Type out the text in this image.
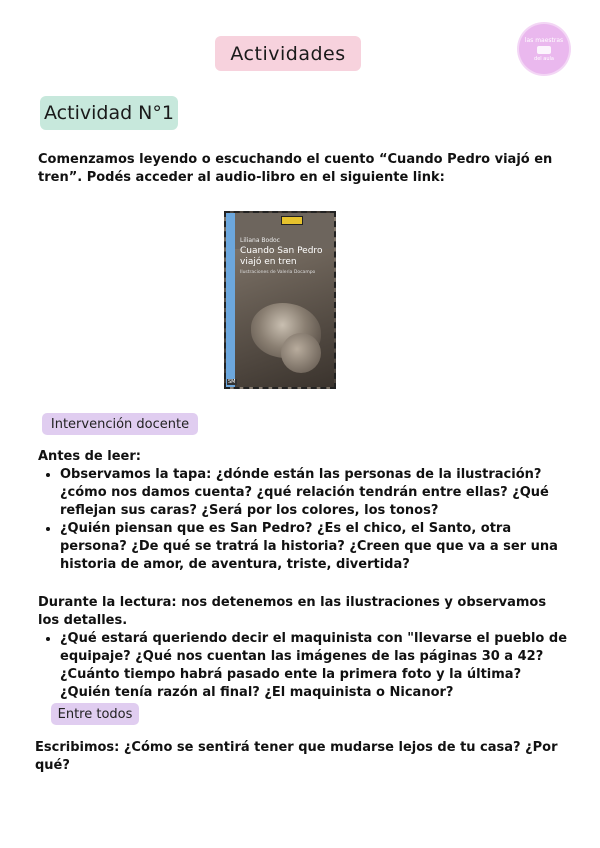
Actividades
las maestras
del aula
Actividad N°1
Comenzamos leyendo o escuchando el cuento “Cuando Pedro viajó en tren”. Podés acceder al audio-libro en el siguiente link:
Liliana Bodoc
Cuando San Pedro viajó en tren
Ilustraciones de Valeria Docampo
SM
Intervención docente
Antes de leer:
• Observamos la tapa: ¿dónde están las personas de la ilustración? ¿cómo nos damos cuenta? ¿qué relación tendrán entre ellas? ¿Qué reflejan sus caras? ¿Será por los colores, los tonos?
• ¿Quién piensan que es San Pedro? ¿Es el chico, el Santo, otra persona? ¿De qué se tratrá la historia? ¿Creen que que va a ser una historia de amor, de aventura, triste, divertida?
Durante la lectura: nos detenemos en las ilustraciones y observamos los detalles.
• ¿Qué estará queriendo decir el maquinista con "llevarse el pueblo de equipaje? ¿Qué nos cuentan las imágenes de las páginas 30 a 42? ¿Cuánto tiempo habrá pasado ente la primera foto y la última? ¿Quién tenía razón al final? ¿El maquinista o Nicanor?
Entre todos
Escribimos: ¿Cómo se sentirá tener que mudarse lejos de tu casa? ¿Por qué?
